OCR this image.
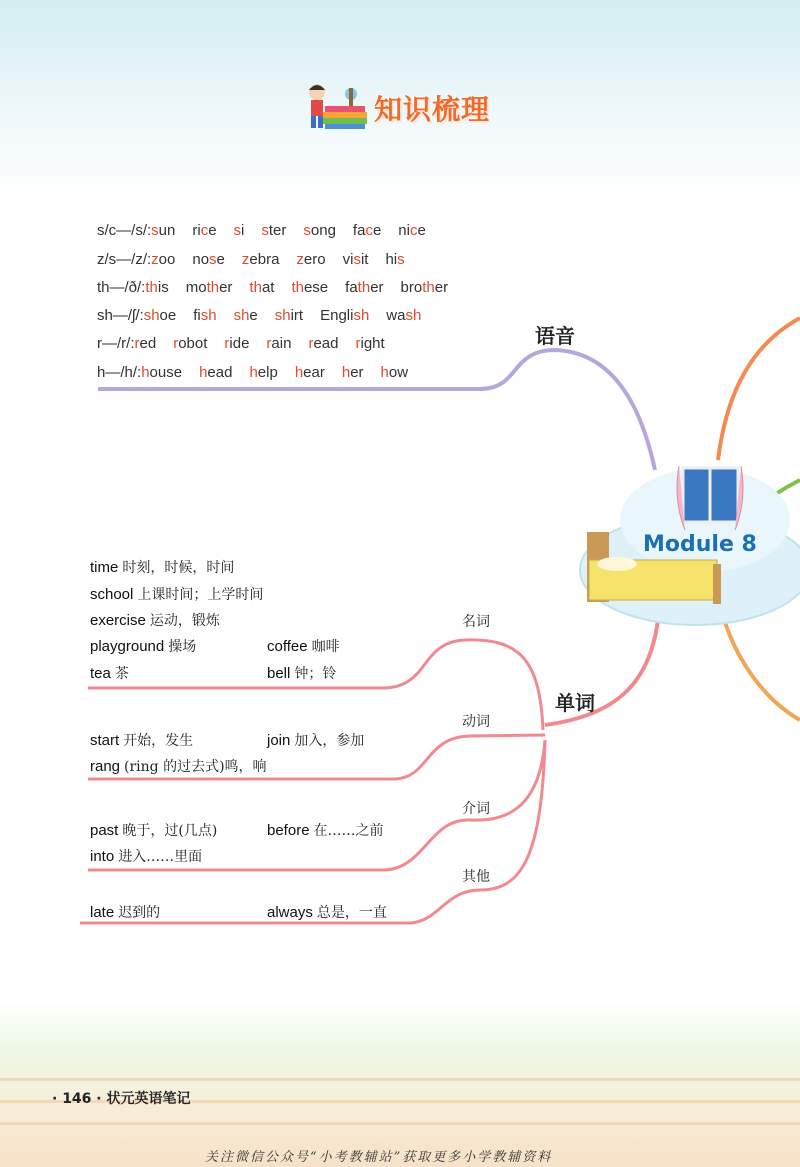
知识梳理
Module 8
语音
s/c—/s/:sun rice si ster song face nice
z/s—/z/:zoo nose zebra zero visit his
th—/ð/:this mother that these father brother
sh—/ʃ/:shoe fish she shirt English wash
r—/r/:red robot ride rain read right
h—/h/:house head help hear her how
单词
名词
动词
介词
其他
time 时刻，时候，时间
school 上课时间；上学时间
exercise 运动，锻炼
playground 操场	coffee 咖啡
tea 茶	bell 钟；铃
start 开始，发生	join 加入，参加
rang (ring 的过去式)鸣，响
past 晚于，过(几点)	before 在……之前
into 进入……里面
late 迟到的	always 总是，一直
· 146 · 状元英语笔记
关注微信公众号“小考教辅站”获取更多小学教辅资料
